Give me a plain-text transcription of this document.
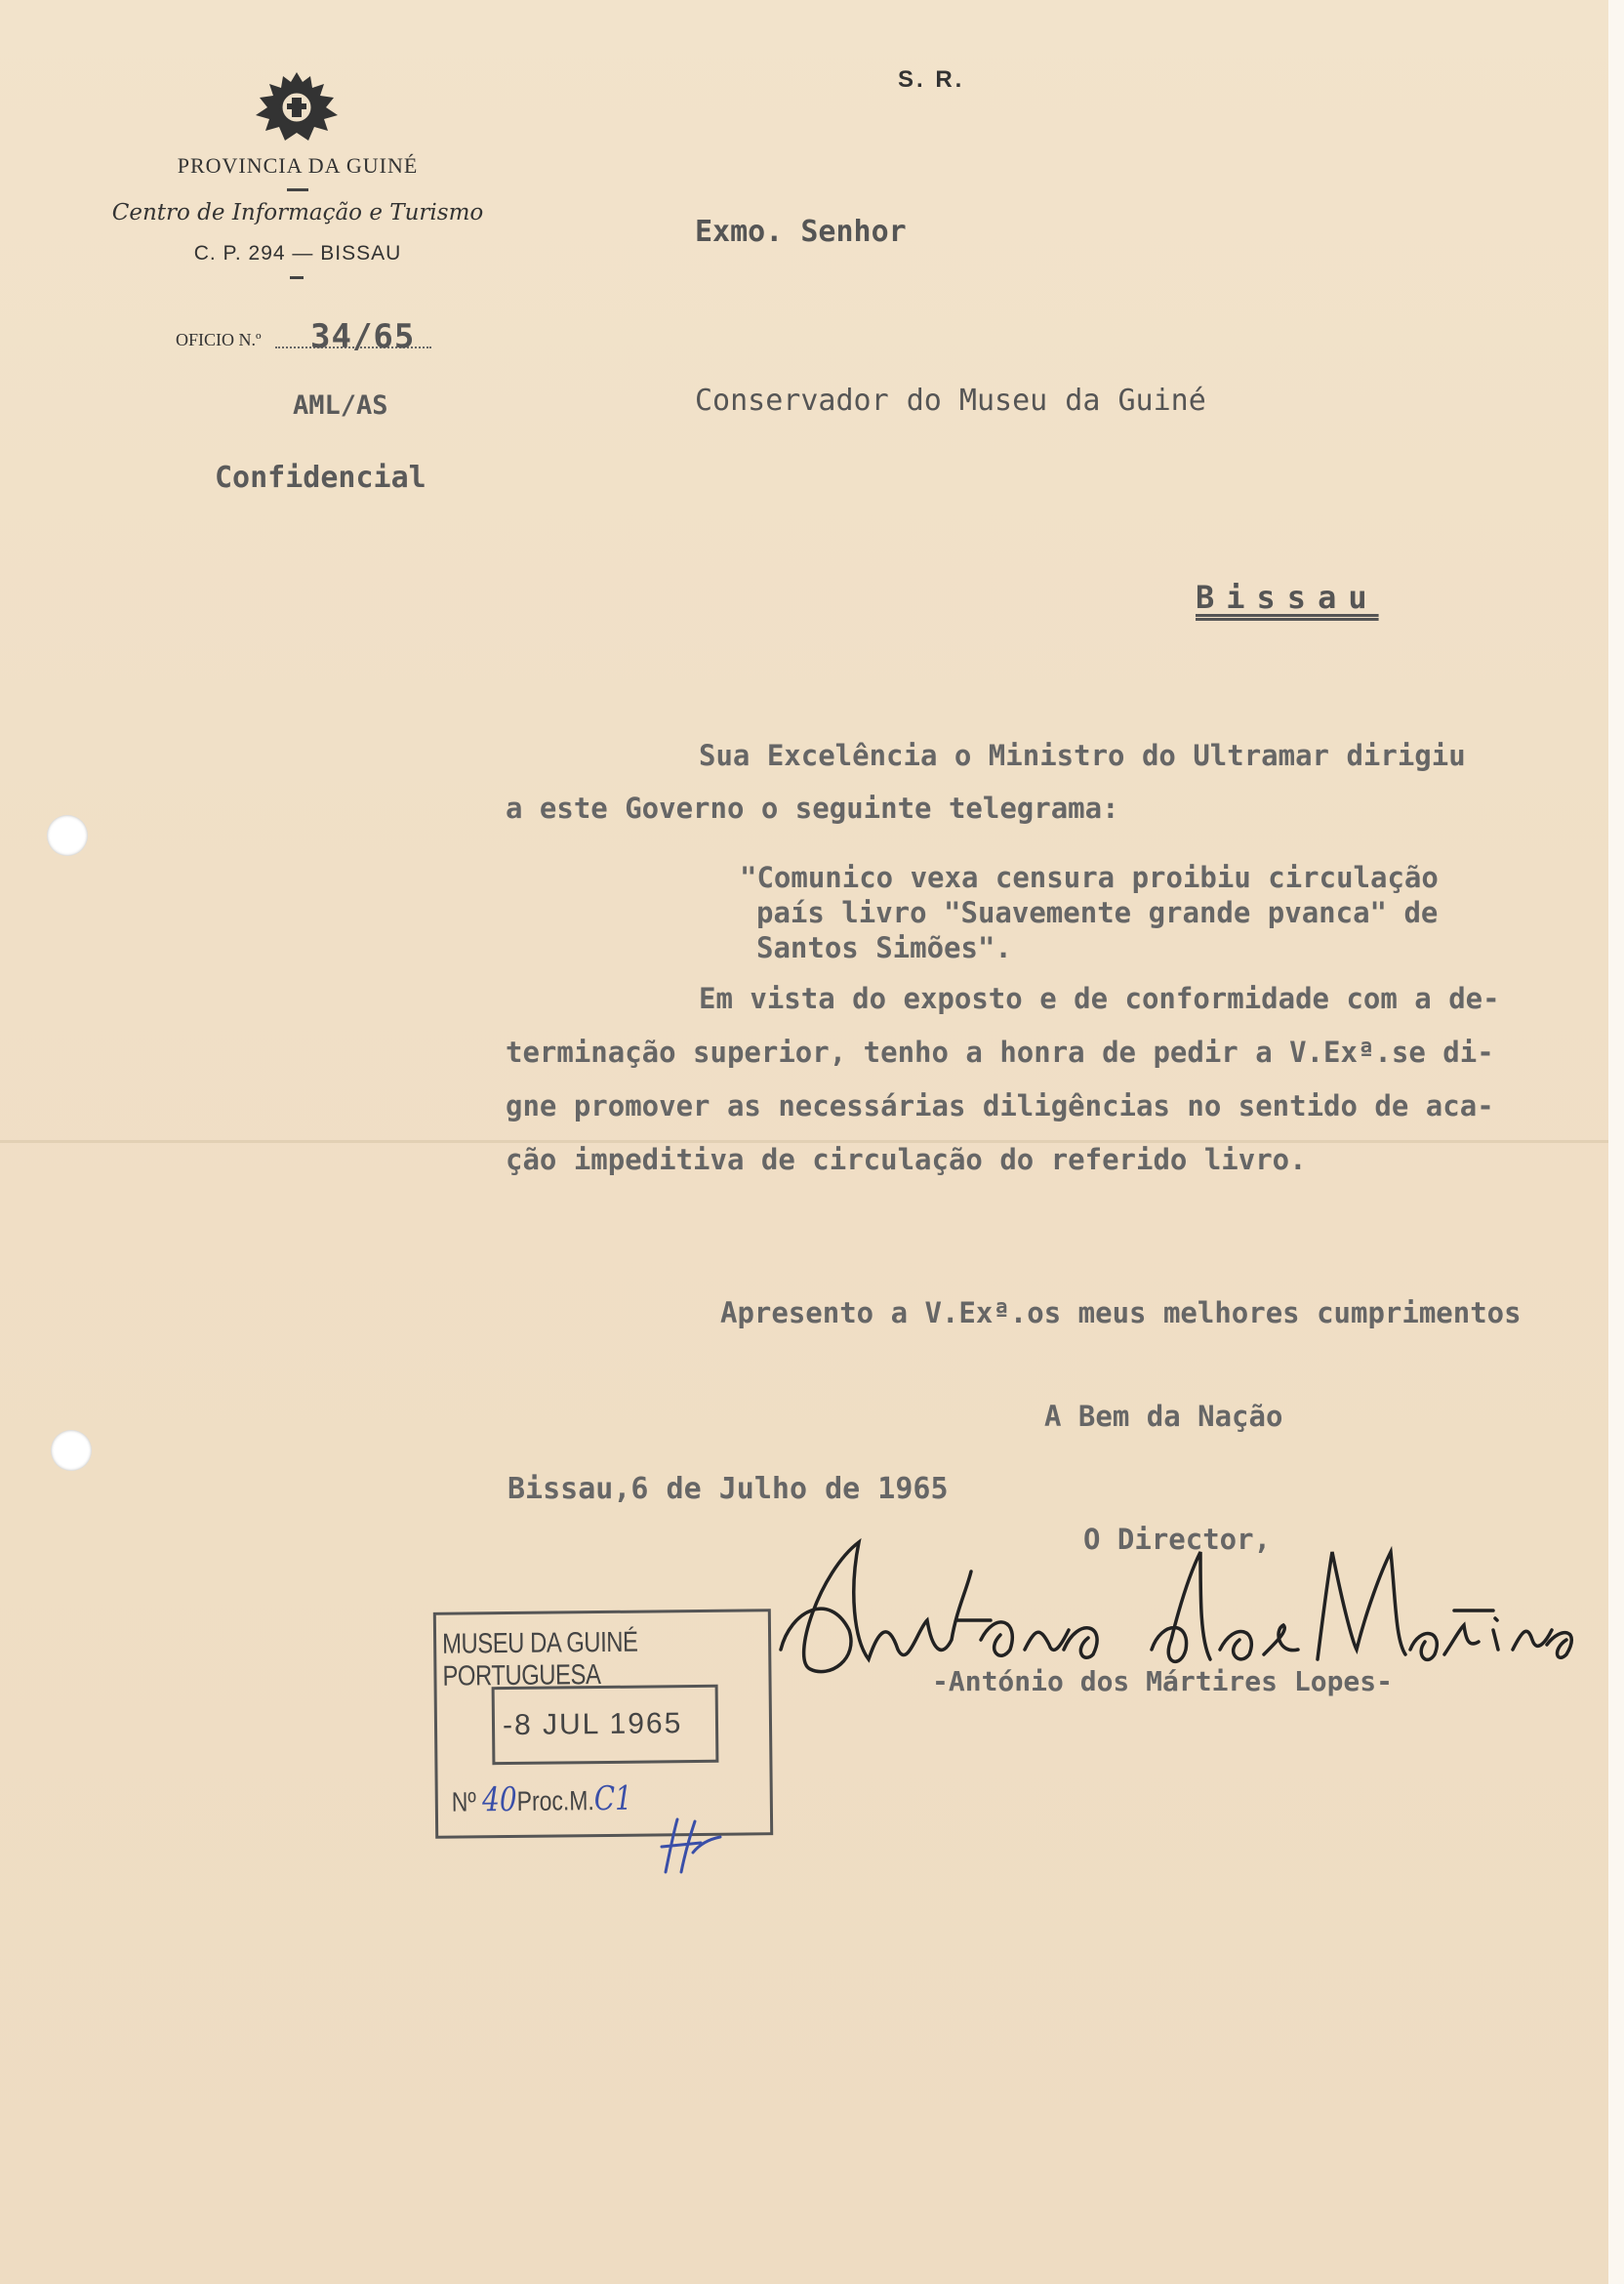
PROVINCIA DA GUINÉ
Centro de Informação e Turismo
C. P. 294 — BISSAU
OFICIO N.º 34/65
AML/AS
Confidencial
S. R.
Exmo. Senhor
Conservador do Museu da Guiné
Bissau
Sua Excelência o Ministro do Ultramar dirigiu
a este Governo o seguinte telegrama:
"Comunico vexa censura proibiu circulação
país livro "Suavemente grande pvanca" de
Santos Simões".
Em vista do exposto e de conformidade com a de-
terminação superior, tenho a honra de pedir a V.Exª.se di-
gne promover as necessárias diligências no sentido de aca-
ção impeditiva de circulação do referido livro.
Apresento a V.Exª.os meus melhores cumprimentos
A Bem da Nação
Bissau,6 de Julho de 1965
O Director,
-António dos Mártires Lopes-
MUSEU DA GUINÉ PORTUGUESA
-8 JUL 1965
Nº 40Proc.M.C1
